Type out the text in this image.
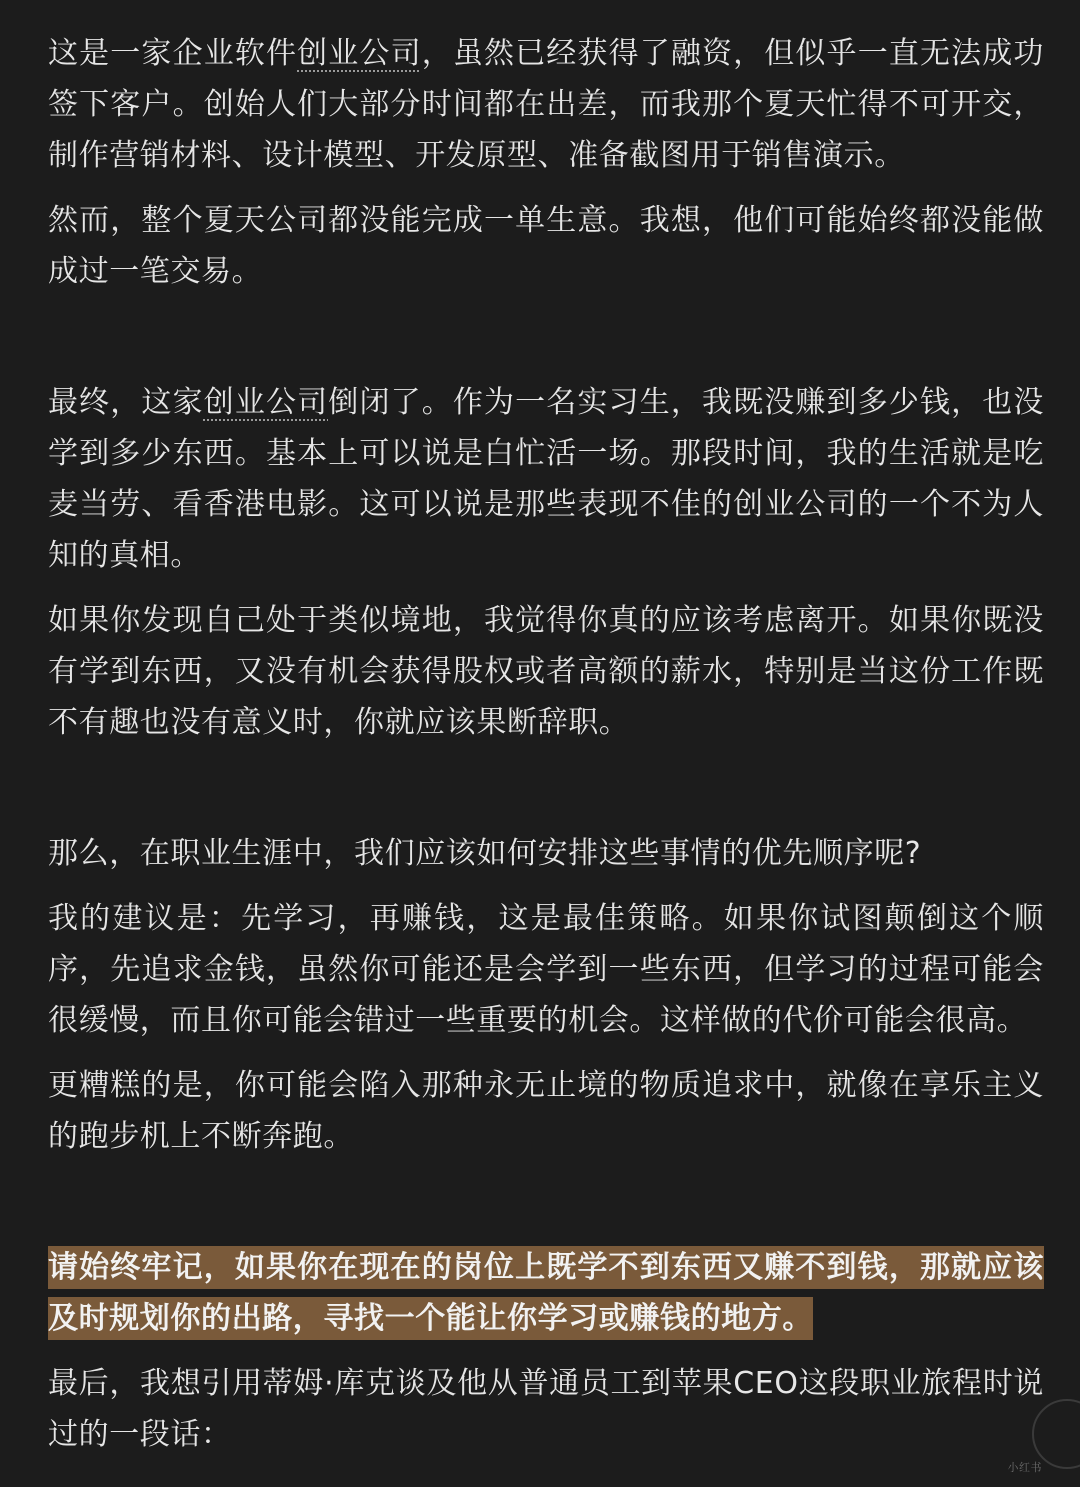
这是一家企业软件创业公司，虽然已经获得了融资，但似乎一直无法成功签下客户。创始人们大部分时间都在出差，而我那个夏天忙得不可开交，制作营销材料、设计模型、开发原型、准备截图用于销售演示。

然而，整个夏天公司都没能完成一单生意。我想，他们可能始终都没能做成过一笔交易。

最终，这家创业公司倒闭了。作为一名实习生，我既没赚到多少钱，也没学到多少东西。基本上可以说是白忙活一场。那段时间，我的生活就是吃麦当劳、看香港电影。这可以说是那些表现不佳的创业公司的一个不为人知的真相。

如果你发现自己处于类似境地，我觉得你真的应该考虑离开。如果你既没有学到东西，又没有机会获得股权或者高额的薪水，特别是当这份工作既不有趣也没有意义时，你就应该果断辞职。

那么，在职业生涯中，我们应该如何安排这些事情的优先顺序呢?

我的建议是：先学习，再赚钱，这是最佳策略。如果你试图颠倒这个顺序，先追求金钱，虽然你可能还是会学到一些东西，但学习的过程可能会很缓慢，而且你可能会错过一些重要的机会。这样做的代价可能会很高。

更糟糕的是，你可能会陷入那种永无止境的物质追求中，就像在享乐主义的跑步机上不断奔跑。

请始终牢记，如果你在现在的岗位上既学不到东西又赚不到钱，那就应该及时规划你的出路，寻找一个能让你学习或赚钱的地方。

最后，我想引用蒂姆·库克谈及他从普通员工到苹果CEO这段职业旅程时说过的一段话：

小红书
